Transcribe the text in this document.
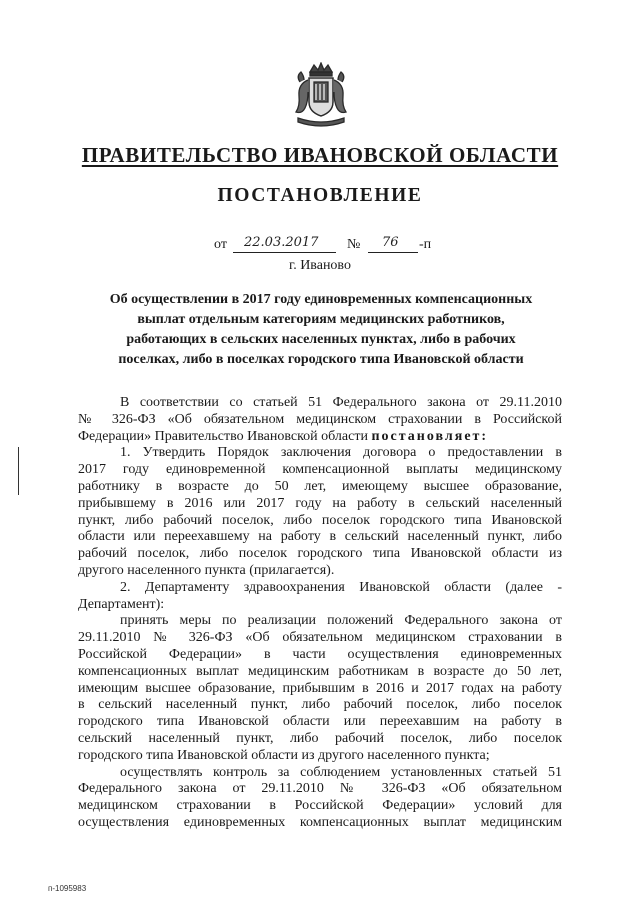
ПРАВИТЕЛЬСТВО ИВАНОВСКОЙ ОБЛАСТИ
ПОСТАНОВЛЕНИЕ
от 22.03.2017 № 76 -п
г. Иваново
Об осуществлении в 2017 году единовременных компенсационных
выплат отдельным категориям медицинских работников,
работающих в сельских населенных пунктах, либо в рабочих
поселках, либо в поселках городского типа Ивановской области
В соответствии со статьей 51 Федерального закона от 29.11.2010
№ 326-ФЗ «Об обязательном медицинском страховании в Российской
Федерации» Правительство Ивановской области постановляет:
1. Утвердить Порядок заключения договора о предоставлении в
2017 году единовременной компенсационной выплаты медицинскому
работнику в возрасте до 50 лет, имеющему высшее образование,
прибывшему в 2016 или 2017 году на работу в сельский населенный
пункт, либо рабочий поселок, либо поселок городского типа Ивановской
области или переехавшему на работу в сельский населенный пункт, либо
рабочий поселок, либо поселок городского типа Ивановской области из
другого населенного пункта (прилагается).
2. Департаменту здравоохранения Ивановской области (далее -
Департамент):
принять меры по реализации положений Федерального закона от
29.11.2010 № 326-ФЗ «Об обязательном медицинском страховании в
Российской Федерации» в части осуществления единовременных
компенсационных выплат медицинским работникам в возрасте до 50 лет,
имеющим высшее образование, прибывшим в 2016 и 2017 годах на работу
в сельский населенный пункт, либо рабочий поселок, либо поселок
городского типа Ивановской области или переехавшим на работу в
сельский населенный пункт, либо рабочий поселок, либо поселок
городского типа Ивановской области из другого населенного пункта;
осуществлять контроль за соблюдением установленных статьей 51
Федерального закона от 29.11.2010 № 326-ФЗ «Об обязательном
медицинском страховании в Российской Федерации» условий для
осуществления единовременных компенсационных выплат медицинским
п-1095983
